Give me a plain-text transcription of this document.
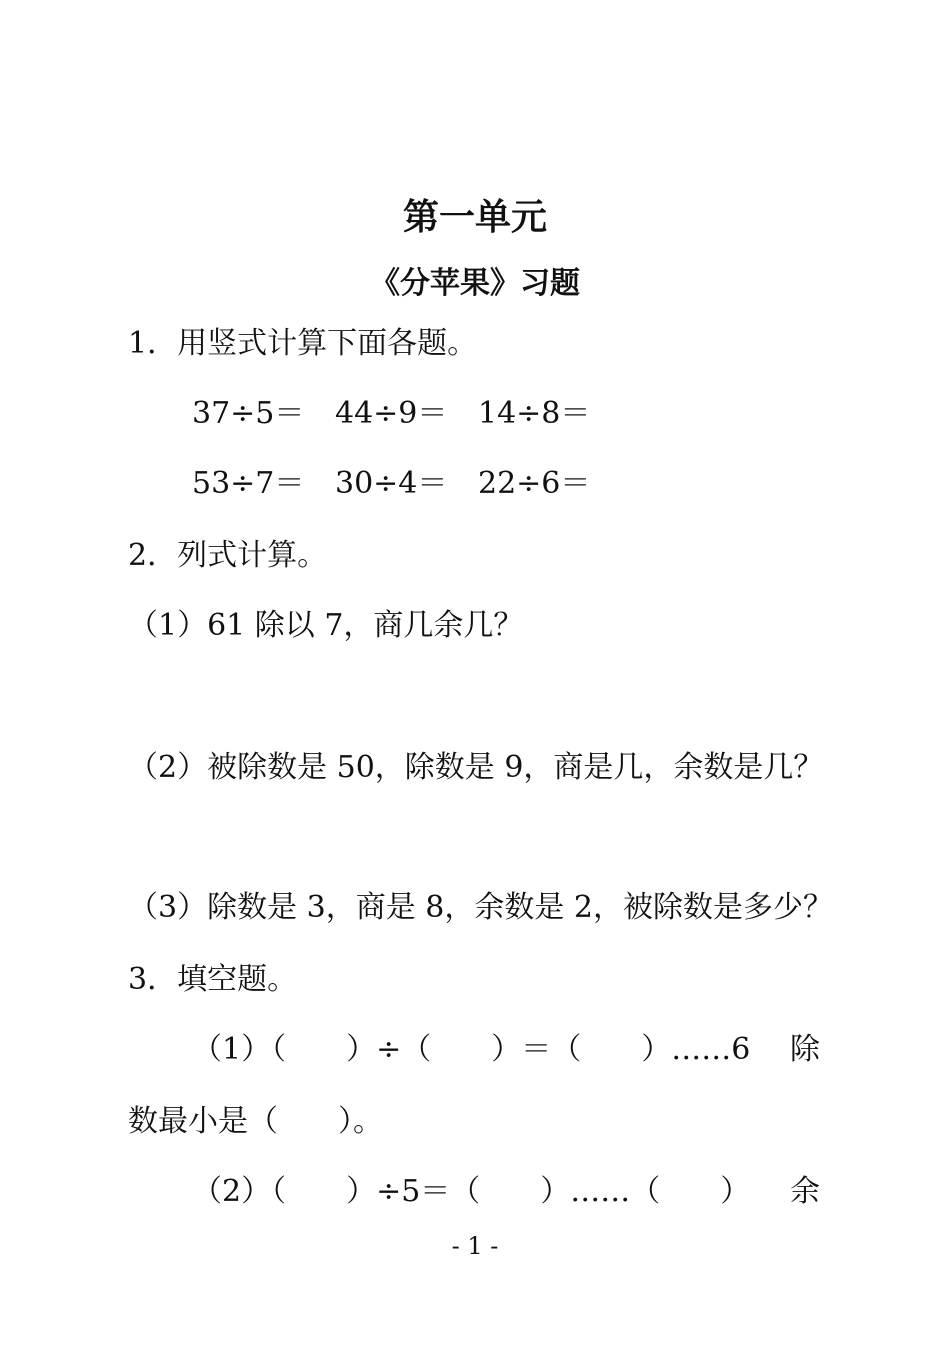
第一单元
《分苹果》习题
1．用竖式计算下面各题。
37÷5＝ 44÷9＝ 14÷8＝
53÷7＝ 30÷4＝ 22÷6＝
2．列式计算。
（1）61 除以 7，商几余几？
（2）被除数是 50，除数是 9，商是几，余数是几？
（3）除数是 3，商是 8，余数是 2，被除数是多少？
3．填空题。
（1）（　　）÷（　　）＝（　　）……6 除
数最小是（　　）。
（2）（　　）÷5＝（　　）……（　　） 余
- 1 -
